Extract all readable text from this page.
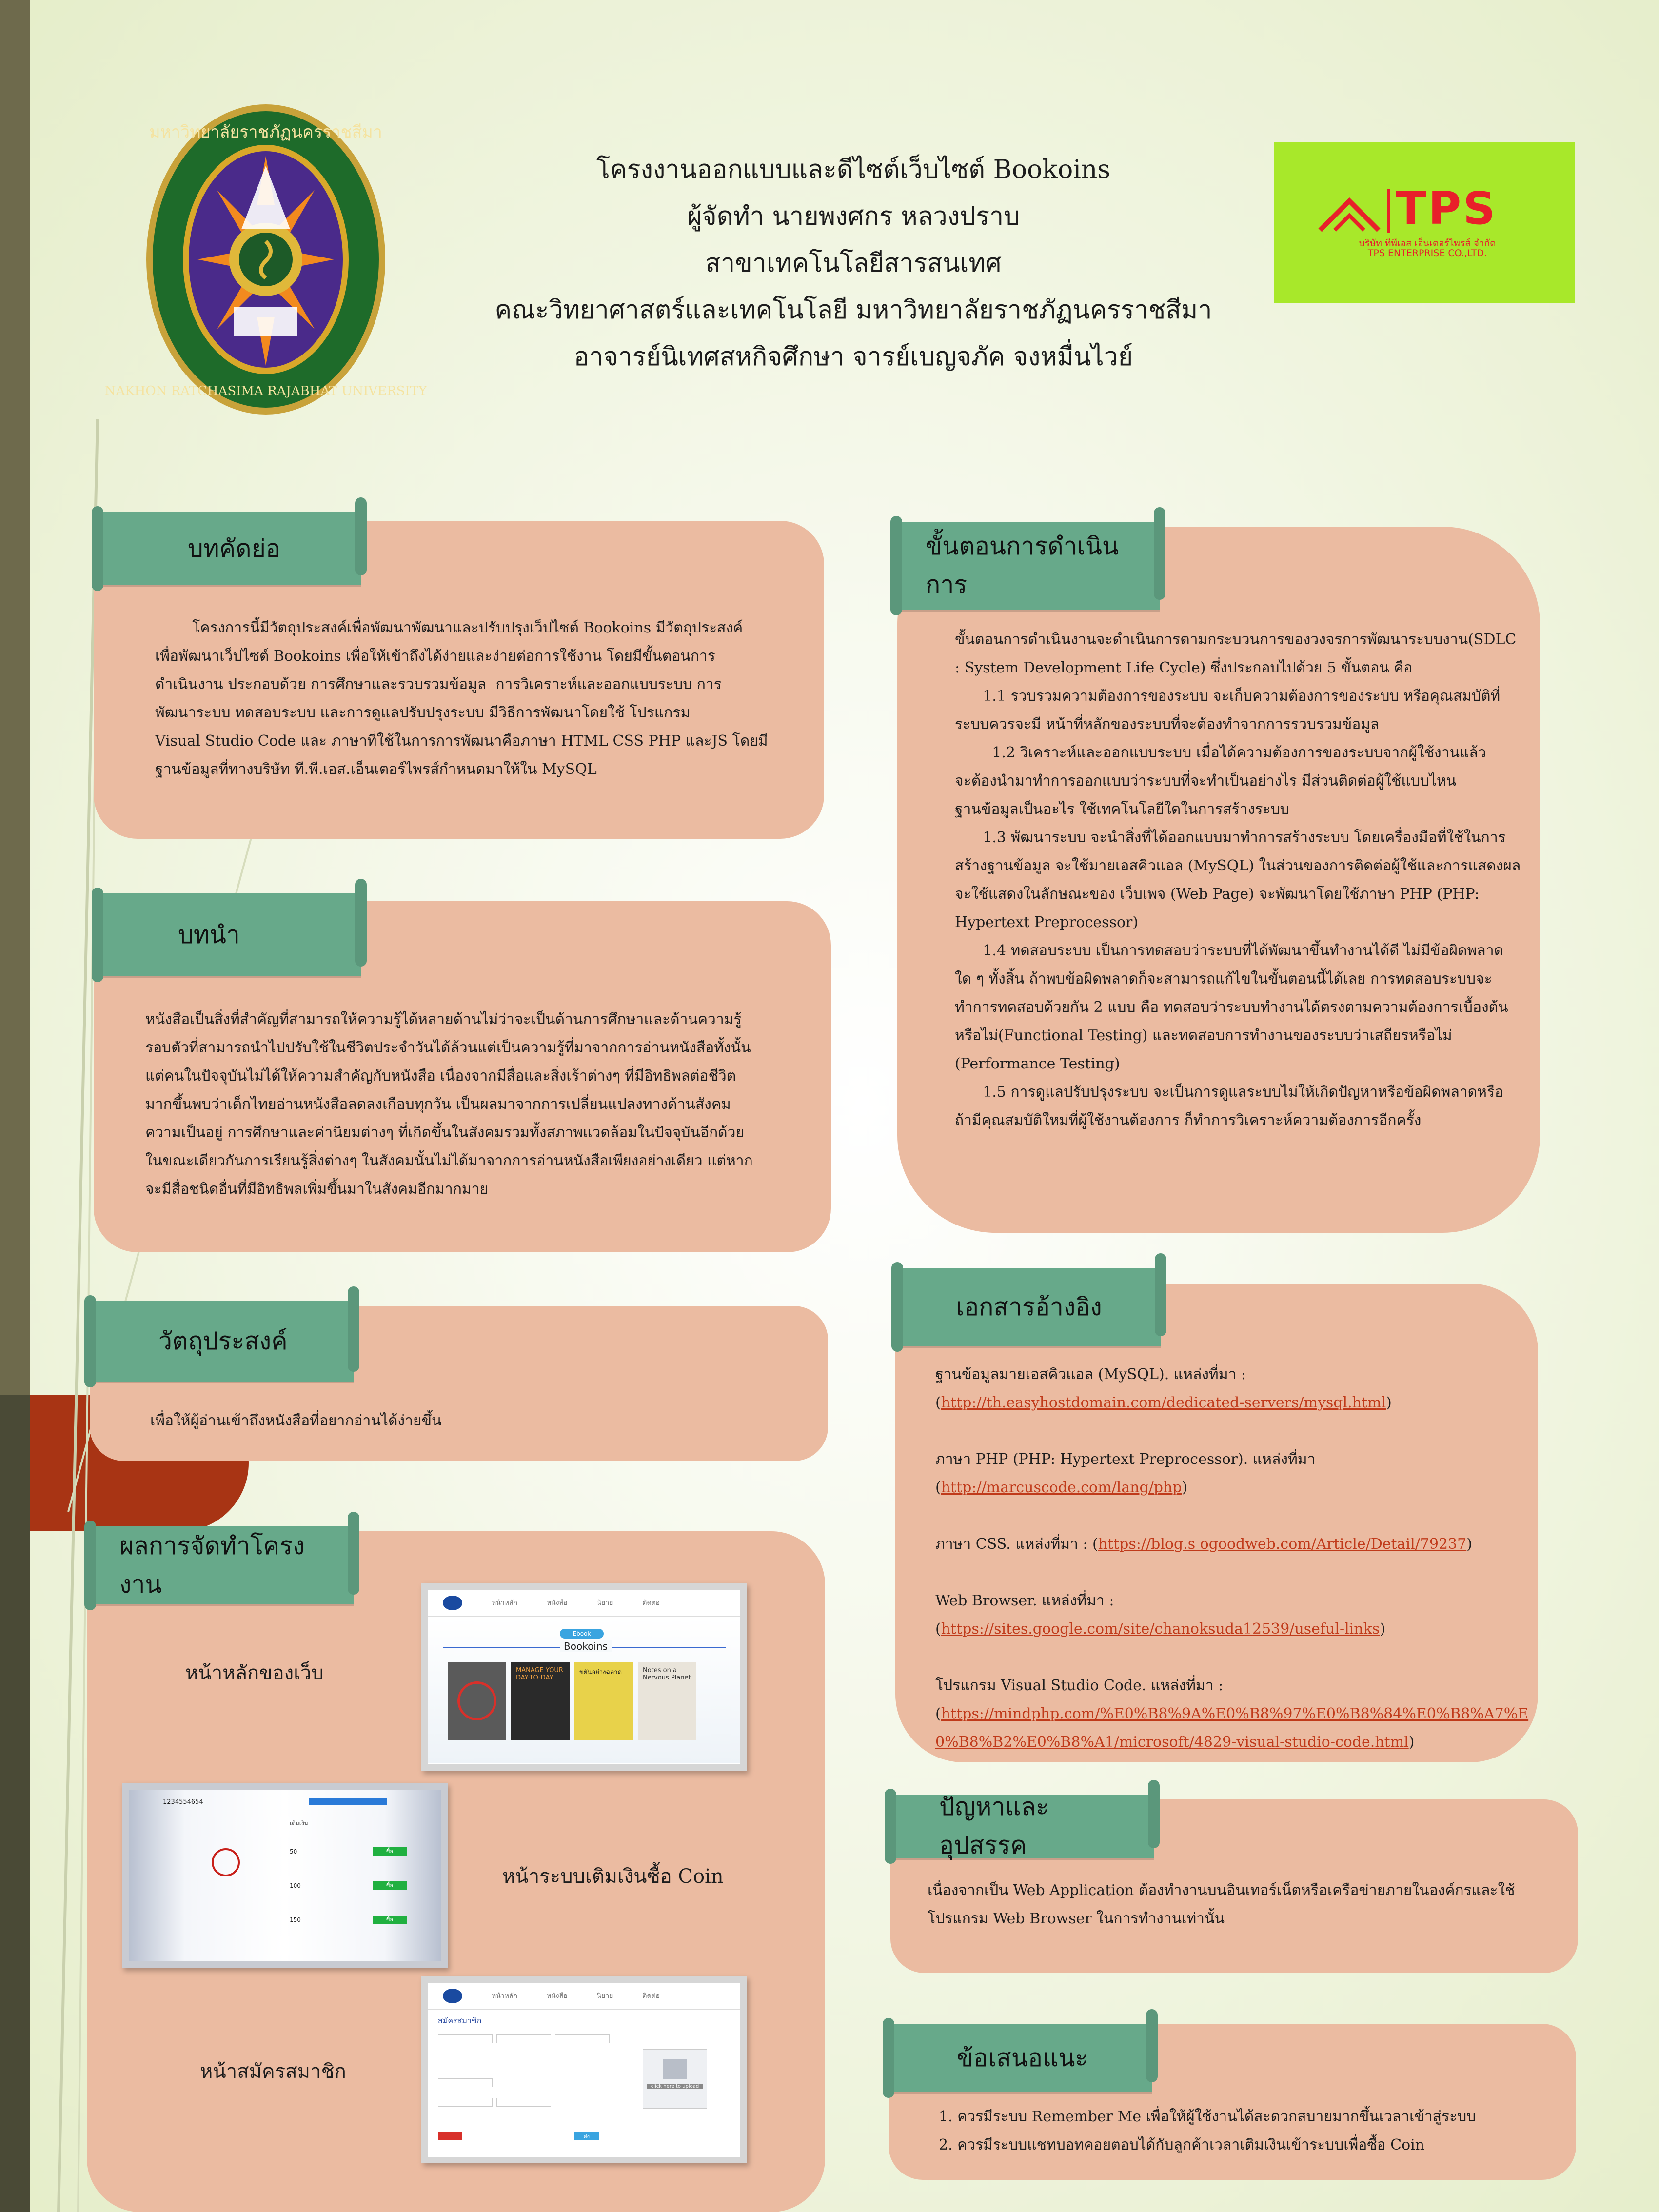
มหาวิทยาลัยราชภัฏนครราชสีมา
NAKHON RATCHASIMA RAJABHAT UNIVERSITY
โครงงานออกแบบและดีไซต์เว็บไซต์ Bookoins
ผู้จัดทำ นายพงศกร หลวงปราบ
สาขาเทคโนโลยีสารสนเทศ
คณะวิทยาศาสตร์และเทคโนโลยี มหาวิทยาลัยราชภัฏนครราชสีมา
อาจารย์นิเทศสหกิจศึกษา จารย์เบญจภัค จงหมื่นไวย์
TPS
บริษัท ทีพีเอส เอ็นเตอร์ไพรส์ จำกัด
TPS ENTERPRISE CO.,LTD.
บทคัดย่อ
โครงการนี้มีวัตถุประสงค์เพื่อพัฒนาพัฒนาและปรับปรุงเว็ปไซต์ Bookoins มีวัตถุประสงค์
เพื่อพัฒนาเว็ปไซต์ Bookoins เพื่อให้เข้าถึงได้ง่ายและง่ายต่อการใช้งาน โดยมีขั้นตอนการ
ดำเนินงาน ประกอบด้วย การศึกษาและรวบรวมข้อมูล  การวิเคราะห์และออกแบบระบบ การ
พัฒนาระบบ ทดสอบระบบ และการดูแลปรับปรุงระบบ มีวิธีการพัฒนาโดยใช้ โปรแกรม
Visual Studio Code และ ภาษาที่ใช้ในการการพัฒนาคือภาษา HTML CSS PHP และJS โดยมี
ฐานข้อมูลที่ทางบริษัท ที.พี.เอส.เอ็นเตอร์ไพรส์กำหนดมาให้ใน MySQL
บทนำ
หนังสือเป็นสิ่งที่สำคัญที่สามารถให้ความรู้ได้หลายด้านไม่ว่าจะเป็นด้านการศึกษาและด้านความรู้
รอบตัวที่สามารถนำไปปรับใช้ในชีวิตประจำวันได้ล้วนแต่เป็นความรู้ที่มาจากการอ่านหนังสือทั้งนั้น
แต่คนในปัจจุบันไม่ได้ให้ความสำคัญกับหนังสือ เนื่องจากมีสื่อและสิ่งเร้าต่างๆ ที่มีอิทธิพลต่อชีวิต
มากขึ้นพบว่าเด็กไทยอ่านหนังสือลดลงเกือบทุกวัน เป็นผลมาจากการเปลี่ยนแปลงทางด้านสังคม
ความเป็นอยู่ การศึกษาและค่านิยมต่างๆ ที่เกิดขึ้นในสังคมรวมทั้งสภาพแวดล้อมในปัจจุบันอีกด้วย
ในขณะเดียวกันการเรียนรู้สิ่งต่างๆ ในสังคมนั้นไม่ได้มาจากการอ่านหนังสือเพียงอย่างเดียว แต่หาก
จะมีสื่อชนิดอื่นที่มีอิทธิพลเพิ่มขึ้นมาในสังคมอีกมากมาย
วัตถุประสงค์
เพื่อให้ผู้อ่านเข้าถึงหนังสือที่อยากอ่านได้ง่ายขึ้น
ผลการจัดทำโครงงาน
หน้าหลักของเว็บ
หน้าระบบเติมเงินซื้อ Coin
หน้าสมัครสมาชิก
หน้าหลัก	หนังสือ	นิยาย	ติดต่อ
Ebook
Bookoins
MANAGE YOUR DAY-TO-DAY
ขยันอย่างฉลาด	Notes on a Nervous Planet
1234554654
เติมเงิน
50
100
150
ซื้อ
ซื้อ
ซื้อ
หน้าหลัก	หนังสือ	นิยาย	ติดต่อ
สมัครสมาชิก
click here to upload
ส่ง
ขั้นตอนการดำเนินการ
ขั้นตอนการดำเนินงานจะดำเนินการตามกระบวนการของวงจรการพัฒนาระบบงาน(SDLC
: System Development Life Cycle) ซึ่งประกอบไปด้วย 5 ขั้นตอน คือ
1.1 รวบรวมความต้องการของระบบ จะเก็บความต้องการของระบบ หรือคุณสมบัติที่
ระบบควรจะมี หน้าที่หลักของระบบที่จะต้องทำจากการรวบรวมข้อมูล
1.2 วิเคราะห์และออกแบบระบบ เมื่อได้ความต้องการของระบบจากผู้ใช้งานแล้ว
จะต้องนำมาทำการออกแบบว่าระบบที่จะทำเป็นอย่างไร มีส่วนติดต่อผู้ใช้แบบไหน
ฐานข้อมูลเป็นอะไร ใช้เทคโนโลยีใดในการสร้างระบบ
1.3 พัฒนาระบบ จะนำสิ่งที่ได้ออกแบบมาทำการสร้างระบบ โดยเครื่องมือที่ใช้ในการ
สร้างฐานข้อมูล จะใช้มายเอสคิวแอล (MySQL) ในส่วนของการติดต่อผู้ใช้และการแสดงผล
จะใช้แสดงในลักษณะของ เว็บเพจ (Web Page) จะพัฒนาโดยใช้ภาษา PHP (PHP:
Hypertext Preprocessor)
1.4 ทดสอบระบบ เป็นการทดสอบว่าระบบที่ได้พัฒนาขึ้นทำงานได้ดี ไม่มีข้อผิดพลาด
ใด ๆ ทั้งสิ้น ถ้าพบข้อผิดพลาดก็จะสามารถแก้ไขในขั้นตอนนี้ได้เลย การทดสอบระบบจะ
ทำการทดสอบด้วยกัน 2 แบบ คือ ทดสอบว่าระบบทำงานได้ตรงตามความต้องการเบื้องต้น
หรือไม่(Functional Testing) และทดสอบการทำงานของระบบว่าเสถียรหรือไม่
(Performance Testing)
1.5 การดูแลปรับปรุงระบบ จะเป็นการดูแลระบบไม่ให้เกิดปัญหาหรือข้อผิดพลาดหรือ
ถ้ามีคุณสมบัติใหม่ที่ผู้ใช้งานต้องการ ก็ทำการวิเคราะห์ความต้องการอีกครั้ง
เอกสารอ้างอิง
ฐานข้อมูลมายเอสคิวแอล (MySQL). แหล่งที่มา :
(http://th.easyhostdomain.com/dedicated-servers/mysql.html)
ภาษา PHP (PHP: Hypertext Preprocessor). แหล่งที่มา (http://marcuscode.com/lang/php)
ภาษา CSS. แหล่งที่มา : (https://blog.s ogoodweb.com/Article/Detail/79237)
Web Browser. แหล่งที่มา :
(https://sites.google.com/site/chanoksuda12539/useful-links)
โปรแกรม Visual Studio Code. แหล่งที่มา :
(https://mindphp.com/%E0%B8%9A%E0%B8%97%E0%B8%84%E0%B8%A7%E0%B8%B2%E0%B8%A1/microsoft/4829-visual-studio-code.html)
ปัญหาและอุปสรรค
เนื่องจากเป็น Web Application ต้องทำงานบนอินเทอร์เน็ตหรือเครือข่ายภายในองค์กรและใช้
โปรแกรม Web Browser ในการทำงานเท่านั้น
ข้อเสนอแนะ
1. ควรมีระบบ Remember Me เพื่อให้ผู้ใช้งานได้สะดวกสบายมากขึ้นเวลาเข้าสู่ระบบ
2. ควรมีระบบแชทบอทคอยตอบได้กับลูกค้าเวลาเติมเงินเข้าระบบเพื่อซื้อ Coin
